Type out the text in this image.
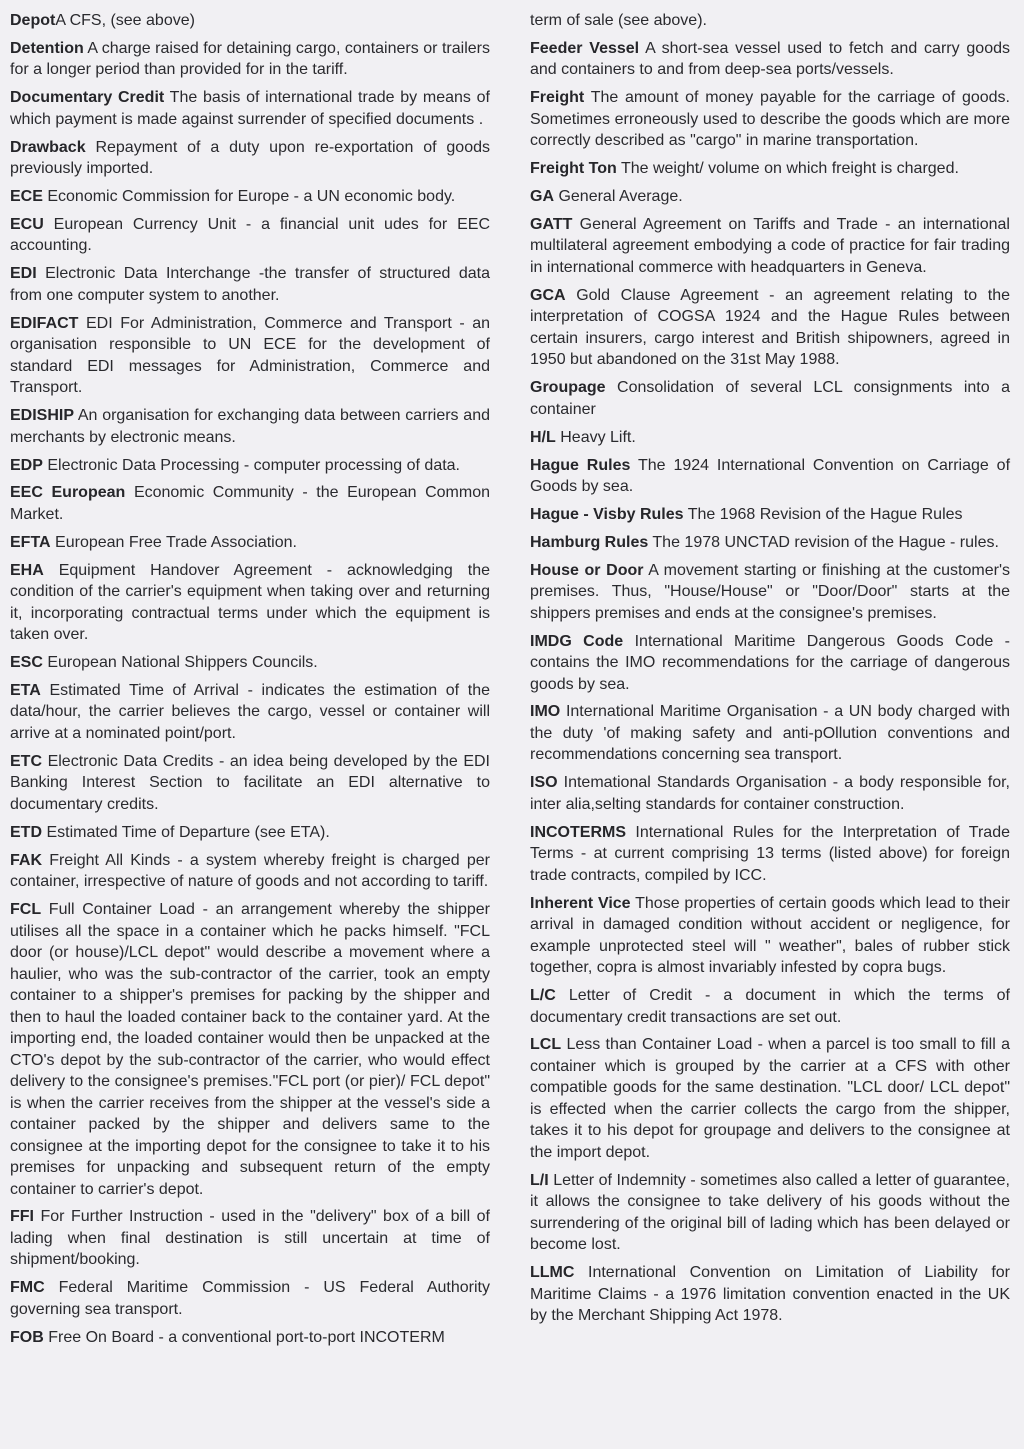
DepotA CFS, (see above)

Detention A charge raised for detaining cargo, containers or trailers for a longer period than provided for in the tariff.

Documentary Credit The basis of international trade by means of which payment is made against surrender of specified documents .

Drawback Repayment of a duty upon re-exportation of goods previously imported.

ECE Economic Commission for Europe - a UN economic body.

ECU European Currency Unit - a financial unit udes for EEC accounting.

EDI Electronic Data Interchange -the transfer of structured data from one computer system to another.

EDIFACT EDI For Administration, Commerce and Transport - an organisation responsible to UN ECE for the development of standard EDI messages for Administration, Commerce and Transport.

EDISHIP An organisation for exchanging data between carriers and merchants by electronic means.

EDP Electronic Data Processing - computer processing of data.

EEC European Economic Community - the European Common Market.

EFTA European Free Trade Association.

EHA Equipment Handover Agreement - acknowledging the condition of the carrier's equipment when taking over and returning it, incorporating contractual terms under which the equipment is taken over.

ESC European National Shippers Councils.

ETA Estimated Time of Arrival - indicates the estimation of the data/hour, the carrier believes the cargo, vessel or container will arrive at a nominated point/port.

ETC Electronic Data Credits - an idea being developed by the EDI Banking Interest Section to facilitate an EDI alternative to documentary credits.

ETD Estimated Time of Departure (see ETA).

FAK Freight All Kinds - a system whereby freight is charged per container, irrespective of nature of goods and not according to tariff.

FCL Full Container Load - an arrangement whereby the shipper utilises all the space in a container which he packs himself. "FCL door (or house)/LCL depot" would describe a movement where a haulier, who was the sub-contractor of the carrier, took an empty container to a shipper's premises for packing by the shipper and then to haul the loaded container back to the container yard. At the importing end, the loaded container would then be unpacked at the CTO's depot by the sub-contractor of the carrier, who would effect delivery to the consignee's premises."FCL port (or pier)/ FCL depot" is when the carrier receives from the shipper at the vessel's side a container packed by the shipper and delivers same to the consignee at the importing depot for the consignee to take it to his premises for unpacking and subsequent return of the empty container to carrier's depot.

FFI For Further Instruction - used in the "delivery" box of a bill of lading when final destination is still uncertain at time of shipment/booking.

FMC Federal Maritime Commission - US Federal Authority governing sea transport.

FOB Free On Board - a conventional port-to-port INCOTERM

term of sale (see above).

Feeder Vessel A short-sea vessel used to fetch and carry goods and containers to and from deep-sea ports/vessels.

Freight The amount of money payable for the carriage of goods. Sometimes erroneously used to describe the goods which are more correctly described as "cargo" in marine transportation.

Freight Ton The weight/ volume on which freight is charged.

GA General Average.

GATT General Agreement on Tariffs and Trade - an international multilateral agreement embodying a code of practice for fair trading in international commerce with headquarters in Geneva.

GCA Gold Clause Agreement - an agreement relating to the interpretation of COGSA 1924 and the Hague Rules between certain insurers, cargo interest and British shipowners, agreed in 1950 but abandoned on the 31st May 1988.

Groupage Consolidation of several LCL consignments into a container

H/L Heavy Lift.

Hague Rules The 1924 International Convention on Carriage of Goods by sea.

Hague - Visby Rules The 1968 Revision of the Hague Rules

Hamburg Rules The 1978 UNCTAD revision of the Hague - rules.

House or Door A movement starting or finishing at the customer's premises. Thus, "House/House" or "Door/Door" starts at the shippers premises and ends at the consignee's premises.

IMDG Code International Maritime Dangerous Goods Code - contains the IMO recommendations for the carriage of dangerous goods by sea.

IMO International Maritime Organisation - a UN body charged with the duty 'of making safety and anti-pOllution conventions and recommendations concerning sea transport.

ISO Intemational Standards Organisation - a body responsible for, inter alia,selting standards for container construction.

INCOTERMS International Rules for the Interpretation of Trade Terms - at current comprising 13 terms (listed above) for foreign trade contracts, compiled by ICC.

Inherent Vice Those properties of certain goods which lead to their arrival in damaged condition without accident or negligence, for example unprotected steel will " weather", bales of rubber stick together, copra is almost invariably infested by copra bugs.

L/C Letter of Credit - a document in which the terms of documentary credit transactions are set out.

LCL Less than Container Load - when a parcel is too small to fill a container which is grouped by the carrier at a CFS with other compatible goods for the same destination. "LCL door/ LCL depot" is effected when the carrier collects the cargo from the shipper, takes it to his depot for groupage and delivers to the consignee at the import depot.

L/I Letter of Indemnity - sometimes also called a letter of guarantee, it allows the consignee to take delivery of his goods without the surrendering of the original bill of lading which has been delayed or become lost.

LLMC International Convention on Limitation of Liability for Maritime Claims - a 1976 limitation convention enacted in the UK by the Merchant Shipping Act 1978.
